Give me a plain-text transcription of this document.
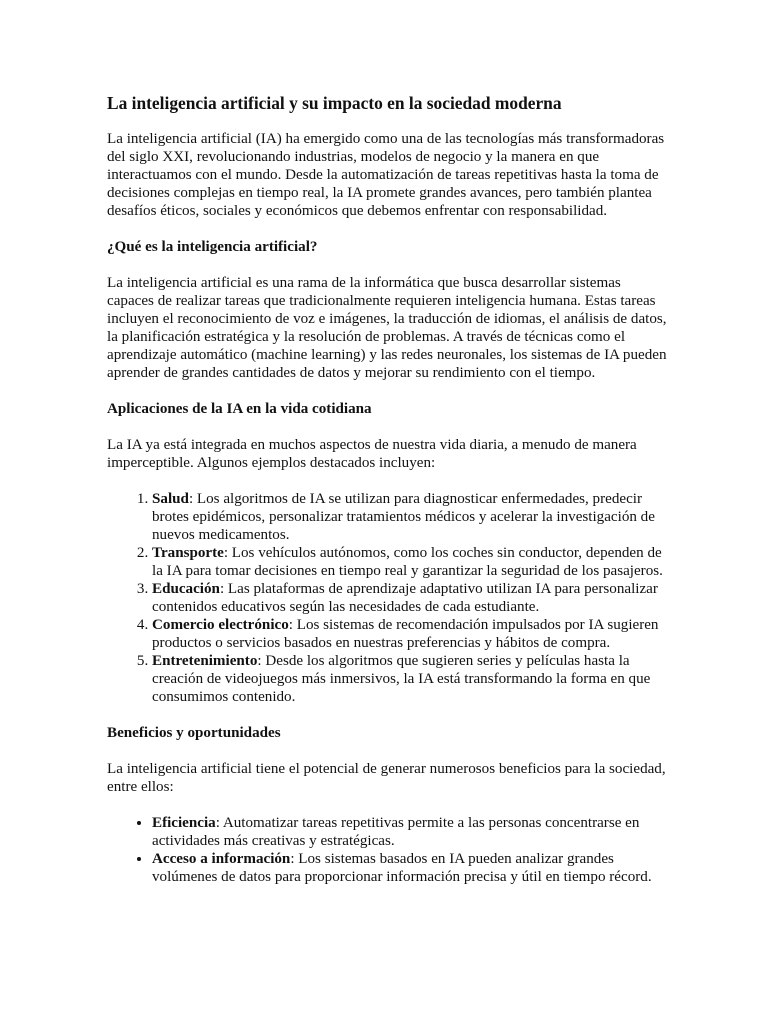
La inteligencia artificial y su impacto en la sociedad moderna

La inteligencia artificial (IA) ha emergido como una de las tecnologías más transformadoras del siglo XXI, revolucionando industrias, modelos de negocio y la manera en que interactuamos con el mundo. Desde la automatización de tareas repetitivas hasta la toma de decisiones complejas en tiempo real, la IA promete grandes avances, pero también plantea desafíos éticos, sociales y económicos que debemos enfrentar con responsabilidad.

¿Qué es la inteligencia artificial?

La inteligencia artificial es una rama de la informática que busca desarrollar sistemas capaces de realizar tareas que tradicionalmente requieren inteligencia humana. Estas tareas incluyen el reconocimiento de voz e imágenes, la traducción de idiomas, el análisis de datos, la planificación estratégica y la resolución de problemas. A través de técnicas como el aprendizaje automático (machine learning) y las redes neuronales, los sistemas de IA pueden aprender de grandes cantidades de datos y mejorar su rendimiento con el tiempo.

Aplicaciones de la IA en la vida cotidiana

La IA ya está integrada en muchos aspectos de nuestra vida diaria, a menudo de manera imperceptible. Algunos ejemplos destacados incluyen:

1. Salud: Los algoritmos de IA se utilizan para diagnosticar enfermedades, predecir brotes epidémicos, personalizar tratamientos médicos y acelerar la investigación de nuevos medicamentos.
2. Transporte: Los vehículos autónomos, como los coches sin conductor, dependen de la IA para tomar decisiones en tiempo real y garantizar la seguridad de los pasajeros.
3. Educación: Las plataformas de aprendizaje adaptativo utilizan IA para personalizar contenidos educativos según las necesidades de cada estudiante.
4. Comercio electrónico: Los sistemas de recomendación impulsados por IA sugieren productos o servicios basados en nuestras preferencias y hábitos de compra.
5. Entretenimiento: Desde los algoritmos que sugieren series y películas hasta la creación de videojuegos más inmersivos, la IA está transformando la forma en que consumimos contenido.
Beneficios y oportunidades

La inteligencia artificial tiene el potencial de generar numerosos beneficios para la sociedad, entre ellos:

• Eficiencia: Automatizar tareas repetitivas permite a las personas concentrarse en actividades más creativas y estratégicas.
• Acceso a información: Los sistemas basados en IA pueden analizar grandes volúmenes de datos para proporcionar información precisa y útil en tiempo récord.
